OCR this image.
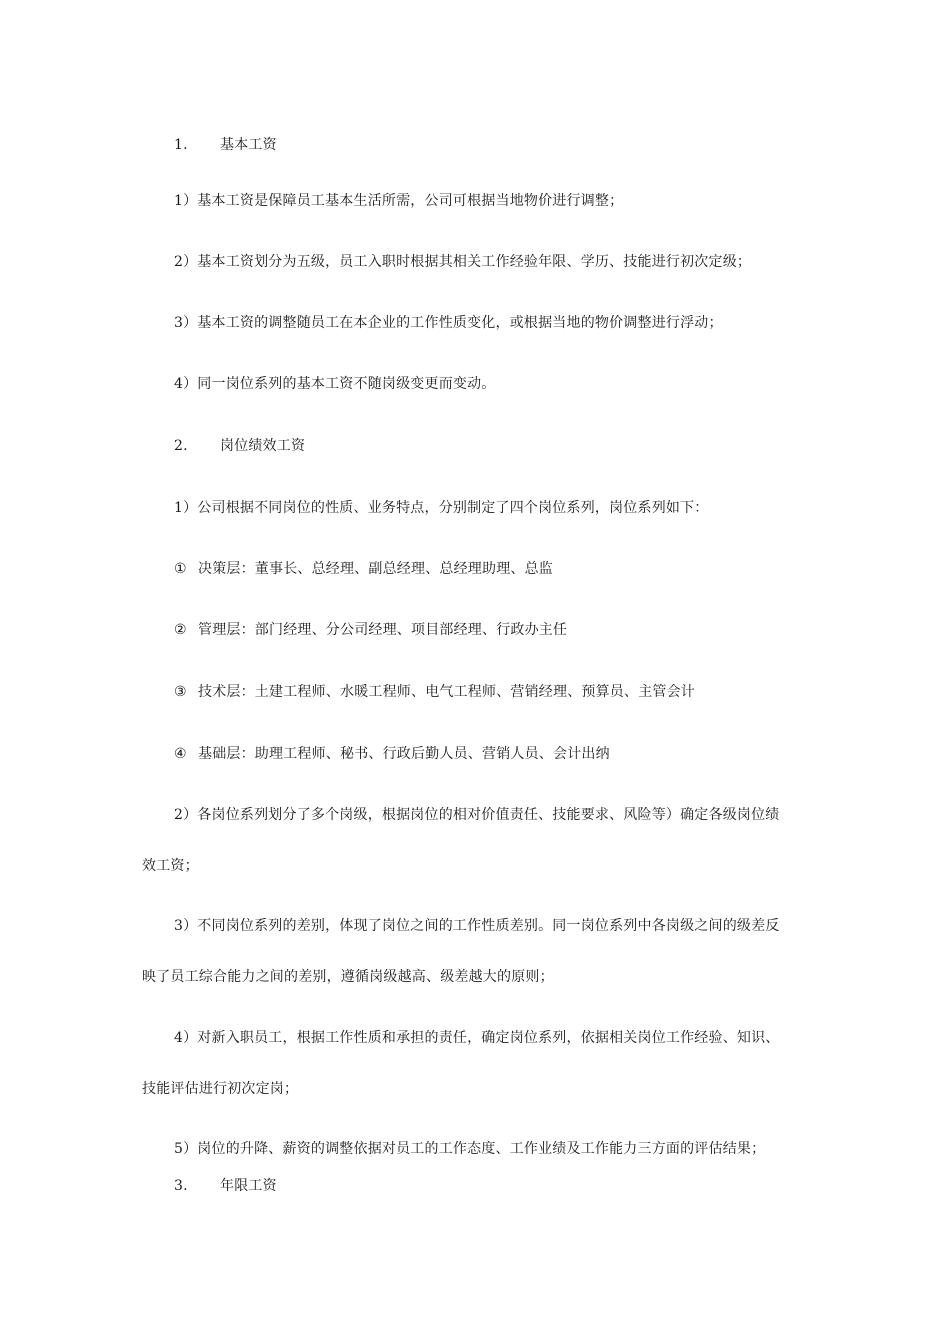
1. 基本工资
1）基本工资是保障员工基本生活所需，公司可根据当地物价进行调整；
2）基本工资划分为五级，员工入职时根据其相关工作经验年限、学历、技能进行初次定级；
3）基本工资的调整随员工在本企业的工作性质变化，或根据当地的物价调整进行浮动；
4）同一岗位系列的基本工资不随岗级变更而变动。
2. 岗位绩效工资
1）公司根据不同岗位的性质、业务特点，分别制定了四个岗位系列，岗位系列如下：
① 决策层：董事长、总经理、副总经理、总经理助理、总监
② 管理层：部门经理、分公司经理、项目部经理、行政办主任
③ 技术层：土建工程师、水暖工程师、电气工程师、营销经理、预算员、主管会计
④ 基础层：助理工程师、秘书、行政后勤人员、营销人员、会计出纳
2）各岗位系列划分了多个岗级，根据岗位的相对价值责任、技能要求、风险等）确定各级岗位绩
效工资；
3）不同岗位系列的差别，体现了岗位之间的工作性质差别。同一岗位系列中各岗级之间的级差反
映了员工综合能力之间的差别，遵循岗级越高、级差越大的原则；
4）对新入职员工，根据工作性质和承担的责任，确定岗位系列，依据相关岗位工作经验、知识、
技能评估进行初次定岗；
5）岗位的升降、薪资的调整依据对员工的工作态度、工作业绩及工作能力三方面的评估结果；
3. 年限工资
